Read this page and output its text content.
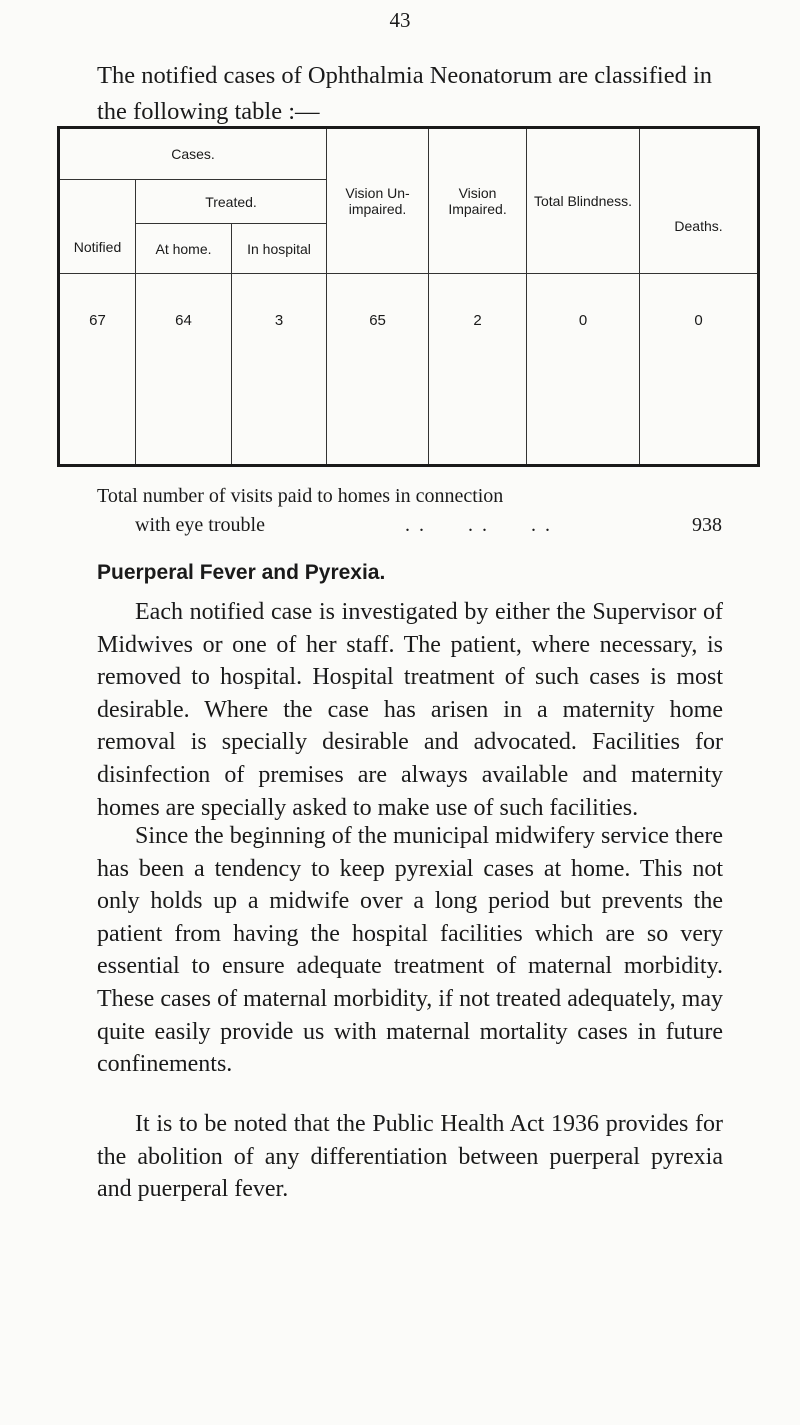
43

The notified cases of Ophthalmia Neonatorum are classified in the following table :—

Cases.			Vision Un- impaired.	Vision Impaired.	Total Blindness.	Deaths.
Notified	Treated.					
	At home.	In hospital				
67	64	3	65	2	0	0
Total number of visits paid to homes in connection
with eye trouble	. .      . .      . .	938
Puerperal Fever and Pyrexia.

Each notified case is investigated by either the Supervisor of Midwives or one of her staff. The patient, where necessary, is removed to hospital. Hospital treatment of such cases is most desirable. Where the case has arisen in a maternity home removal is specially desirable and advocated. Facilities for disinfection of premises are always available and maternity homes are specially asked to make use of such facilities.

Since the beginning of the municipal midwifery service there has been a tendency to keep pyrexial cases at home. This not only holds up a midwife over a long period but prevents the patient from having the hospital facilities which are so very essential to ensure adequate treatment of maternal morbidity. These cases of maternal morbidity, if not treated adequately, may quite easily provide us with maternal mortality cases in future confinements.

It is to be noted that the Public Health Act 1936 provides for the abolition of any differentiation between puerperal pyrexia and puerperal fever.
